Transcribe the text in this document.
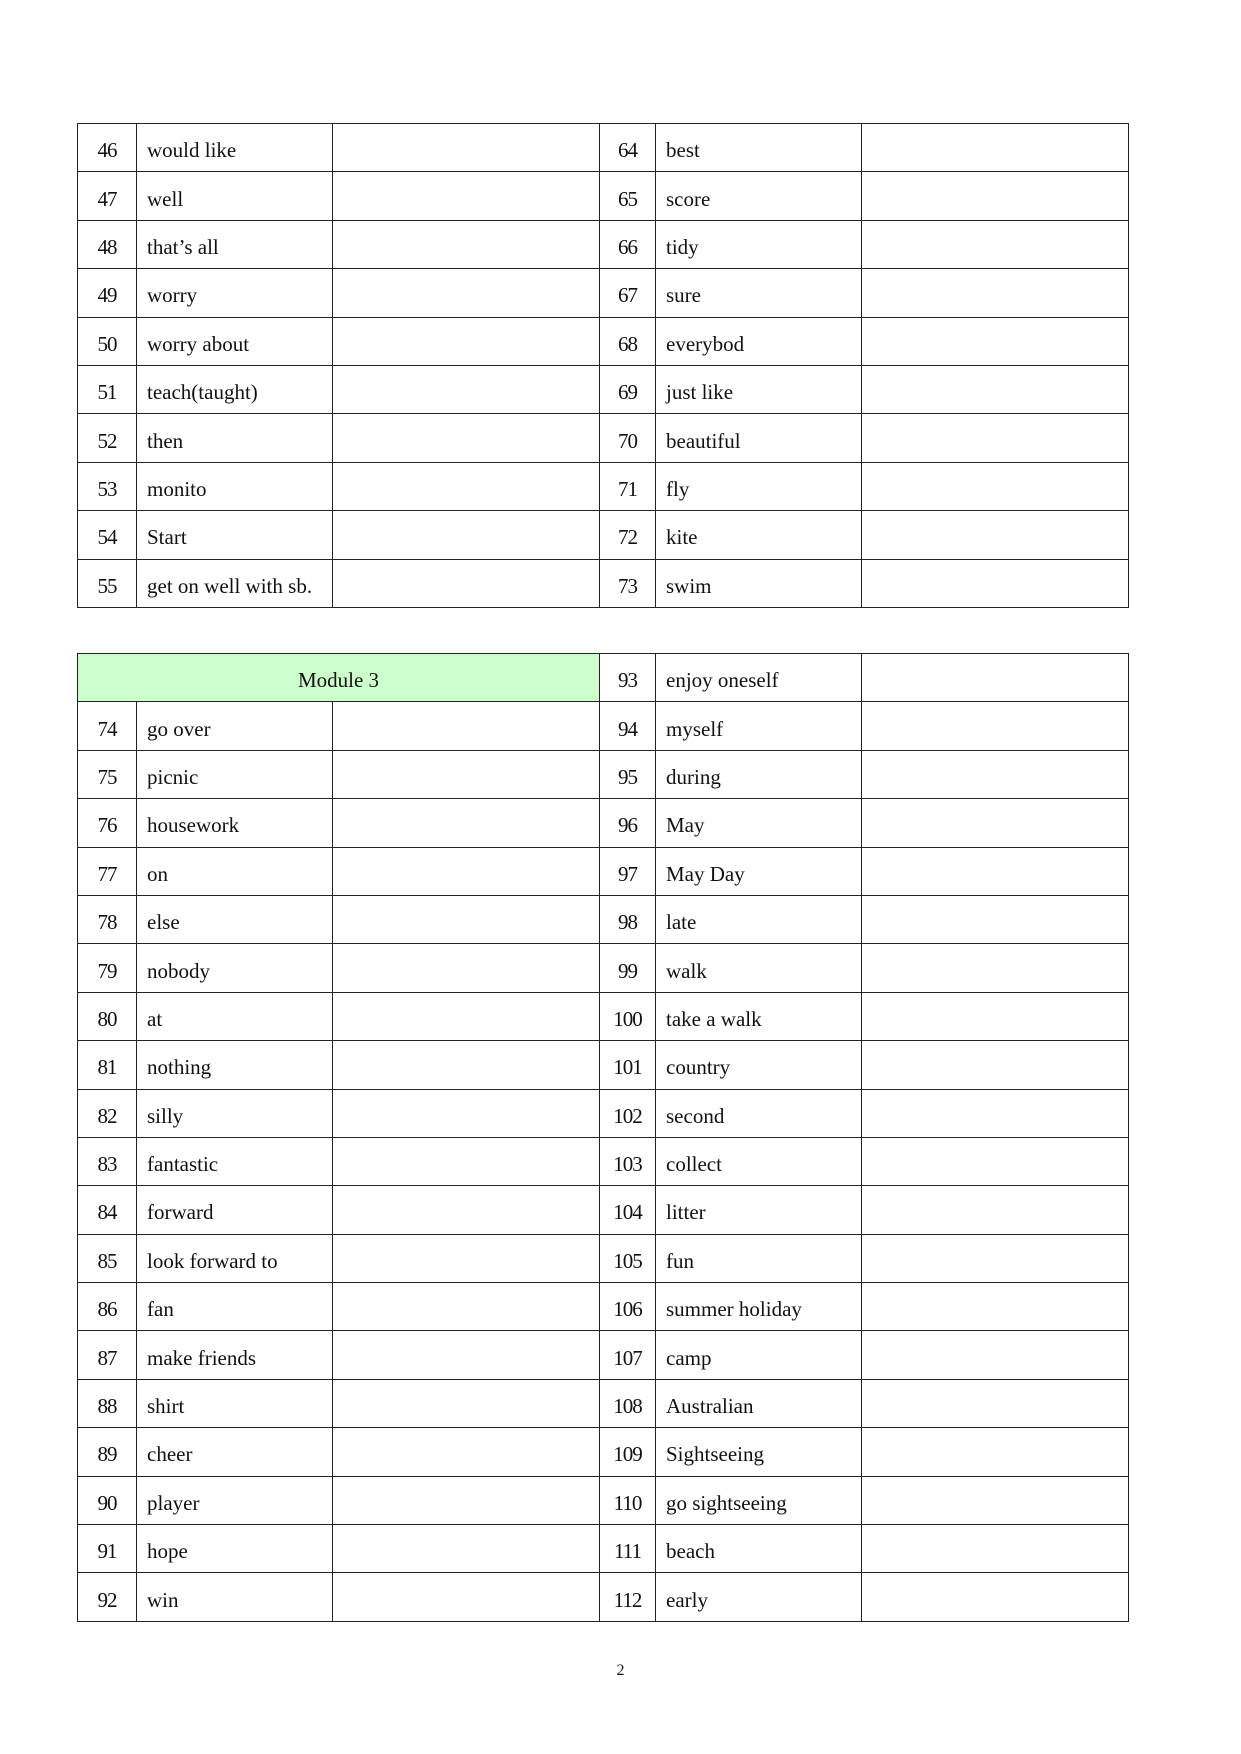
46	would like		64	best	
47	well		65	score	
48	that’s all		66	tidy	
49	worry		67	sure	
50	worry about		68	everybod	
51	teach(taught)		69	just like	
52	then		70	beautiful	
53	monito		71	fly	
54	Start		72	kite	
55	get on well with sb.		73	swim	
Module 3			93	enjoy oneself	
74	go over		94	myself	
75	picnic		95	during	
76	housework		96	May	
77	on		97	May Day	
78	else		98	late	
79	nobody		99	walk	
80	at		100	take a walk	
81	nothing		101	country	
82	silly		102	second	
83	fantastic		103	collect	
84	forward		104	litter	
85	look forward to		105	fun	
86	fan		106	summer holiday	
87	make friends		107	camp	
88	shirt		108	Australian	
89	cheer		109	Sightseeing	
90	player		110	go sightseeing	
91	hope		111	beach	
92	win		112	early	
2
